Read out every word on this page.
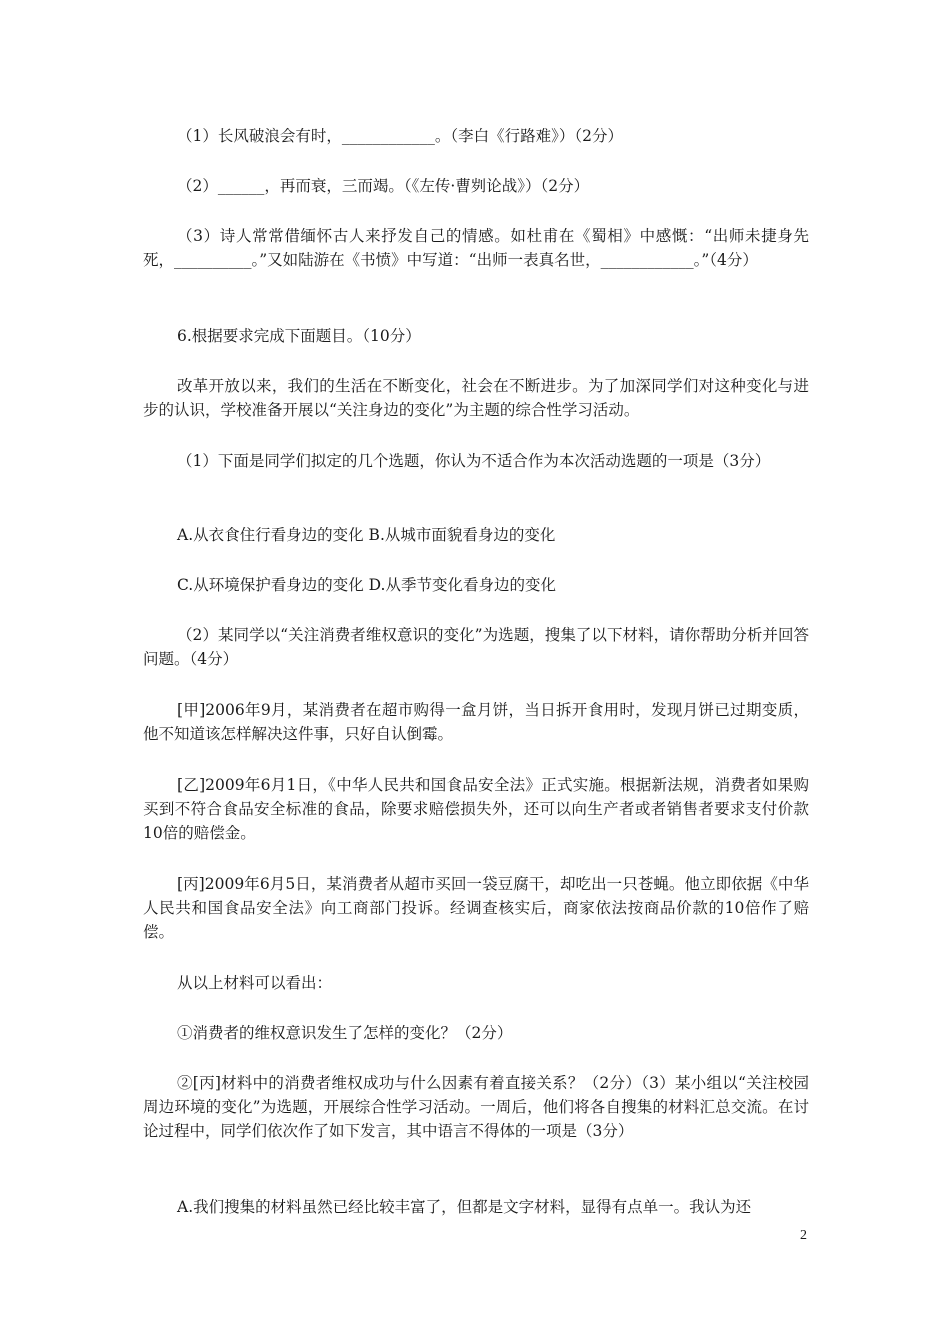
（1）长风破浪会有时，____________。（李白《行路难》）（2分）

（2）______，再而衰，三而竭。（《左传·曹刿论战》）（2分）

（3）诗人常常借缅怀古人来抒发自己的情感。如杜甫在《蜀相》中感慨：“出师未捷身先死，__________。”又如陆游在《书愤》中写道：“出师一表真名世，____________。”（4分）

6.根据要求完成下面题目。（10分）

改革开放以来，我们的生活在不断变化，社会在不断进步。为了加深同学们对这种变化与进步的认识，学校准备开展以“关注身边的变化”为主题的综合性学习活动。

（1）下面是同学们拟定的几个选题，你认为不适合作为本次活动选题的一项是（3分）

A.从衣食住行看身边的变化 B.从城市面貌看身边的变化

C.从环境保护看身边的变化 D.从季节变化看身边的变化

（2）某同学以“关注消费者维权意识的变化”为选题，搜集了以下材料，请你帮助分析并回答问题。（4分）

[甲]2006年9月，某消费者在超市购得一盒月饼，当日拆开食用时，发现月饼已过期变质，他不知道该怎样解决这件事，只好自认倒霉。

[乙]2009年6月1日，《中华人民共和国食品安全法》正式实施。根据新法规，消费者如果购买到不符合食品安全标准的食品，除要求赔偿损失外，还可以向生产者或者销售者要求支付价款10倍的赔偿金。

[丙]2009年6月5日，某消费者从超市买回一袋豆腐干，却吃出一只苍蝇。他立即依据《中华人民共和国食品安全法》向工商部门投诉。经调查核实后，商家依法按商品价款的10倍作了赔偿。

从以上材料可以看出：

①消费者的维权意识发生了怎样的变化？（2分）

②[丙]材料中的消费者维权成功与什么因素有着直接关系？（2分）（3）某小组以“关注校园周边环境的变化”为选题，开展综合性学习活动。一周后，他们将各自搜集的材料汇总交流。在讨论过程中，同学们依次作了如下发言，其中语言不得体的一项是（3分）

A.我们搜集的材料虽然已经比较丰富了，但都是文字材料，显得有点单一。我认为还

2
